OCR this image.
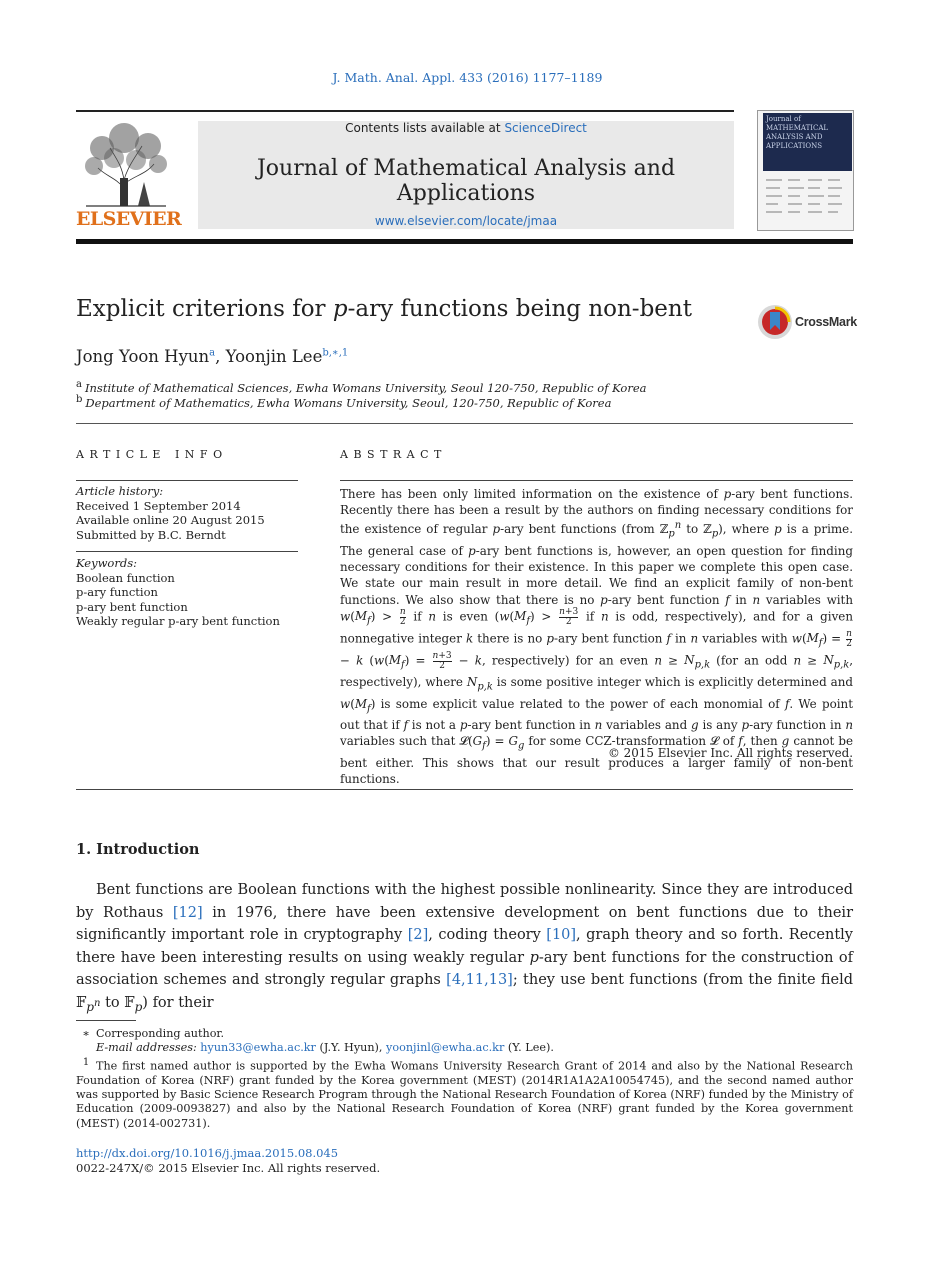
J. Math. Anal. Appl. 433 (2016) 1177–1189
ELSEVIER
Contents lists available at ScienceDirect
Journal of Mathematical Analysis and Applications
www.elsevier.com/locate/jmaa
Journal of MATHEMATICAL ANALYSIS AND APPLICATIONS
Explicit criterions for p-ary functions being non-bent	CrossMark
Jong Yoon Hyun$^a$, Yoonjin Lee$^{b,∗,1}$
$^a$ Institute of Mathematical Sciences, Ewha Womans University, Seoul 120-750, Republic of Korea
$^b$ Department of Mathematics, Ewha Womans University, Seoul, 120-750, Republic of Korea
ARTICLE INFO	ABSTRACT
Article history:
Received 1 September 2014
Available online 20 August 2015
Submitted by B.C. Berndt
Keywords:
Boolean function
p-ary function
p-ary bent function
Weakly regular p-ary bent function

There has been only limited information on the existence of p-ary bent functions. Recently there has been a result by the authors on finding necessary conditions for the existence of regular p-ary bent functions (from ℤ$_p^n$ to ℤ$_p$), where p is a prime. The general case of p-ary bent functions is, however, an open question for finding necessary conditions for their existence. In this paper we complete this open case. We state our main result in more detail. We find an explicit family of non-bent functions. We also show that there is no p-ary bent function f in n variables with $w(M_f) > \frac{n}{2}$ if n is even ($w(M_f) > \frac{n+3}{2}$ if n is odd, respectively), and for a given nonnegative integer k there is no p-ary bent function f in n variables with $w(M_f) = \frac{n}{2}$
− k ($w(M_f) = \frac{n+3}{2} - k$, respectively) for an even $n \ge N_{p,k}$ (for an odd $n \ge N_{p,k}$, respectively), where $N_{p,k}$ is some positive integer which is explicitly determined and $w(M_f)$ is some explicit value related to the power of each monomial of f. We point out that if f is not a p-ary bent function in n variables and g is any p-ary function in n variables such that $𝓛(G_f) = G_g$ for some CCZ-transformation 𝓛 of f, then g cannot be bent either. This shows that our result produces a larger family of non-bent functions.

© 2015 Elsevier Inc. All rights reserved.
1. Introduction

Bent functions are Boolean functions with the highest possible nonlinearity. Since they are introduced by Rothaus [12] in 1976, there have been extensive development on bent functions due to their significantly important role in cryptography [2], coding theory [10], graph theory and so forth. Recently there have been interesting results on using weakly regular p-ary bent functions for the construction of association schemes and strongly regular graphs [4,11,13]; they use bent functions (from the finite field 𝔽$_{p^n}$ to 𝔽$_p$) for their

∗ Corresponding author.

E-mail addresses: hyun33@ewha.ac.kr (J.Y. Hyun), yoonjinl@ewha.ac.kr (Y. Lee).

$^1$ The first named author is supported by the Ewha Womans University Research Grant of 2014 and also by the National Research Foundation of Korea (NRF) grant funded by the Korea government (MEST) (2014R1A1A2A10054745), and the second named author was supported by Basic Science Research Program through the National Research Foundation of Korea (NRF) funded by the Ministry of Education (2009-0093827) and also by the National Research Foundation of Korea (NRF) grant funded by the Korea government (MEST) (2014-002731).

http://dx.doi.org/10.1016/j.jmaa.2015.08.045
0022-247X/© 2015 Elsevier Inc. All rights reserved.
